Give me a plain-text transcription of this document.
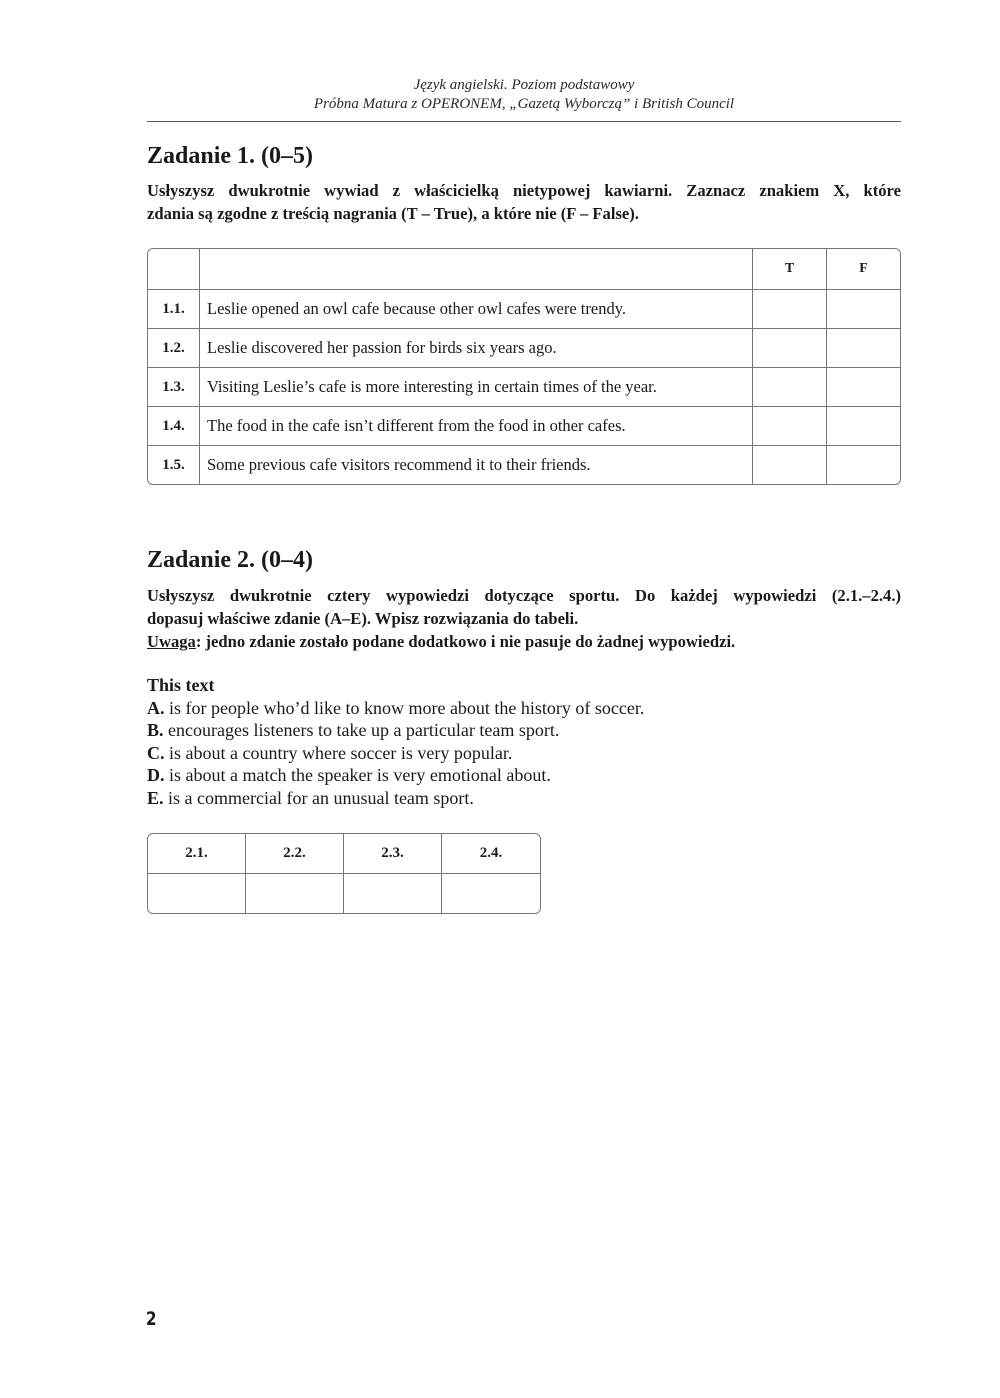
Język angielski. Poziom podstawowy
Próbna Matura z OPERONEM, „Gazetą Wyborczą” i British Council
Zadanie 1. (0–5)
Usłyszysz dwukrotnie wywiad z właścicielką nietypowej kawiarni. Zaznacz znakiem X, które
zdania są zgodne z treścią nagrania (T – True), a które nie (F – False).
		T	F
1.1.	Leslie opened an owl cafe because other owl cafes were trendy.		
1.2.	Leslie discovered her passion for birds six years ago.		
1.3.	Visiting Leslie’s cafe is more interesting in certain times of the year.		
1.4.	The food in the cafe isn’t different from the food in other cafes.		
1.5.	Some previous cafe visitors recommend it to their friends.		
Zadanie 2. (0–4)
Usłyszysz dwukrotnie cztery wypowiedzi dotyczące sportu. Do każdej wypowiedzi (2.1.–2.4.)
dopasuj właściwe zdanie (A–E). Wpisz rozwiązania do tabeli.
Uwaga: jedno zdanie zostało podane dodatkowo i nie pasuje do żadnej wypowiedzi.
This text
A. is for people who’d like to know more about the history of soccer.
B. encourages listeners to take up a particular team sport.
C. is about a country where soccer is very popular.
D. is about a match the speaker is very emotional about.
E. is a commercial for an unusual team sport.
2.1.	2.2.	2.3.	2.4.

2
